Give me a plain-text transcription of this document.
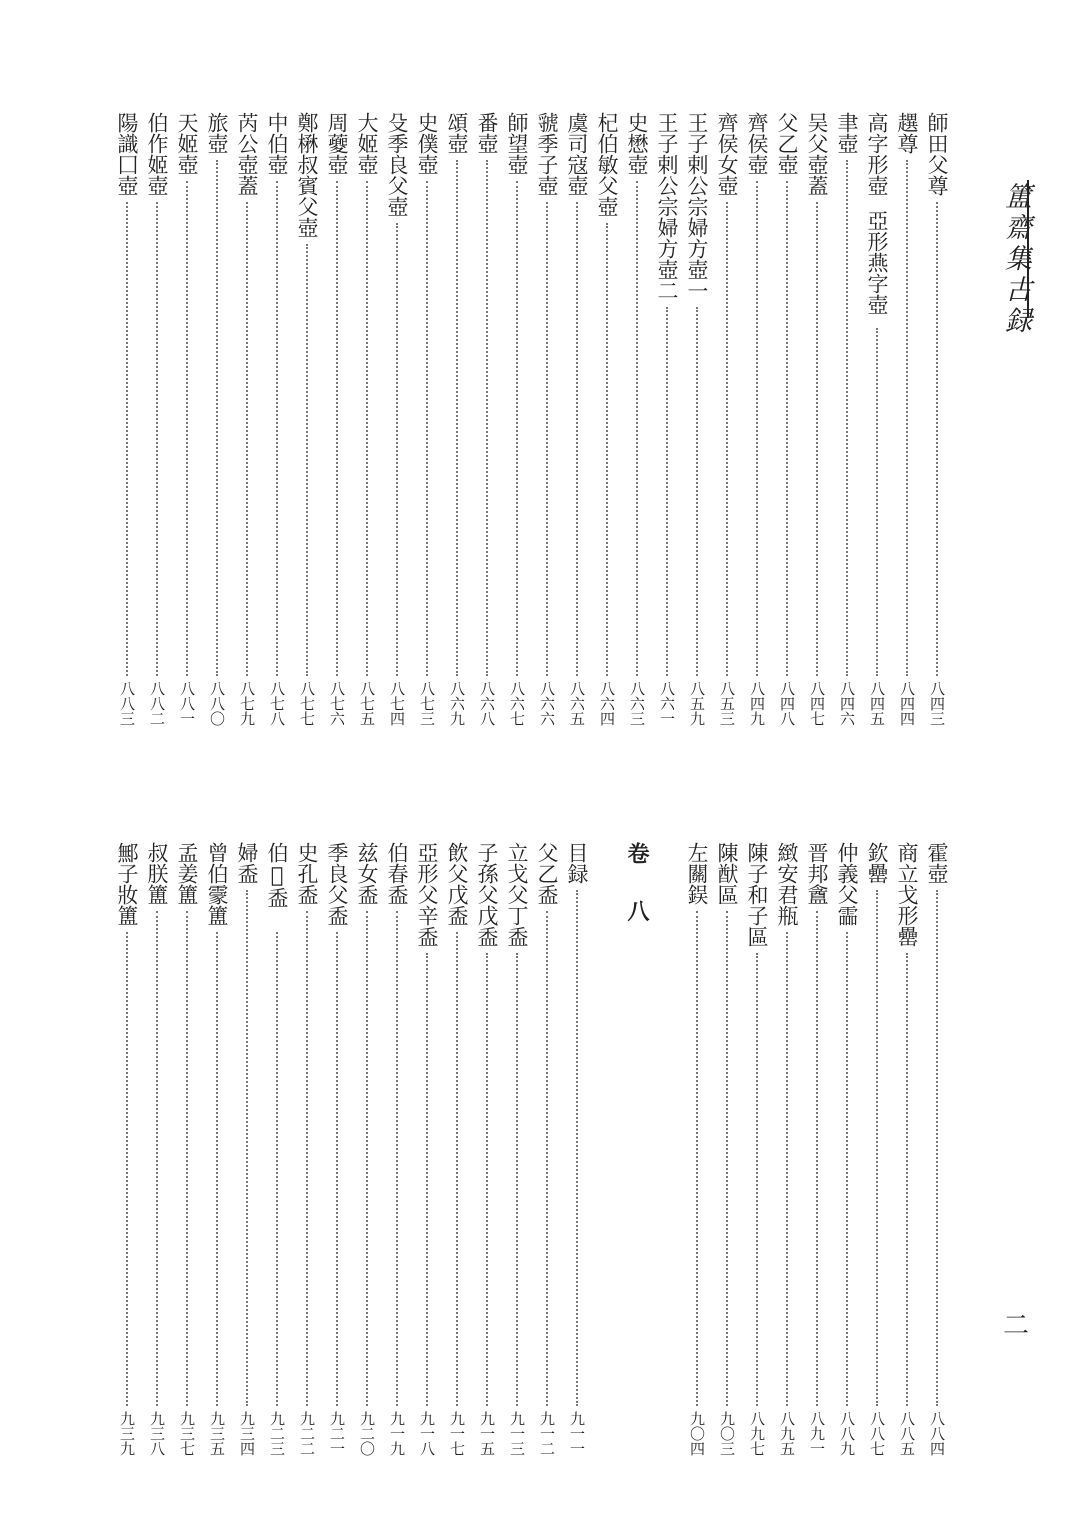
簠齋集古録
師田父尊
八四三
趩尊
八四四
高字形壺亞形燕字壺
八四五
聿壺
八四六
吴父壺蓋
八四七
父乙壺
八四八
齊侯壺
八四九
齊侯女壺
八五三
王子剌公宗婦方壺一
八五九
王子剌公宗婦方壺二
八六一
史懋壺
八六三
杞伯敏父壺
八六四
虞司寇壺
八六五
虢季子壺
八六六
師望壺
八六七
番壺
八六八
頌壺
八六九
史僕壺
八七三
殳季良父壺
八七四
大姬壺
八七五
周䕫壺
八七六
鄭楙叔賓父壺
八七七
中伯壺
八七八
芮公壺蓋
八七九
旅壺
八八〇
天姬壺
八八一
伯作姬壺
八八二
陽識囗壺
八八三
霍壺
八八四
商立戈形罍
八八五
欽罍
八八七
仲義父霝
八八九
晋邦盦
八九一
緻安君瓶
八九五
陳子和子區
八九七
陳猷區
九〇三
左關鋘
九〇四
卷 八
目録
九一一
父乙盉
九一二
立戈父丁盉
九一三
子孫父戊盉
九一五
飲父戊盉
九一七
亞形父辛盉
九一八
伯春盉
九一九
兹女盉
九二〇
季良父盉
九二一
史孔盉
九二二
伯𨕖盉
九二三
婦盉
九三四
曾伯霥簠
九三五
孟姜簠
九三七
叔朕簠
九三八
鄦子妝簠
九三九
二
